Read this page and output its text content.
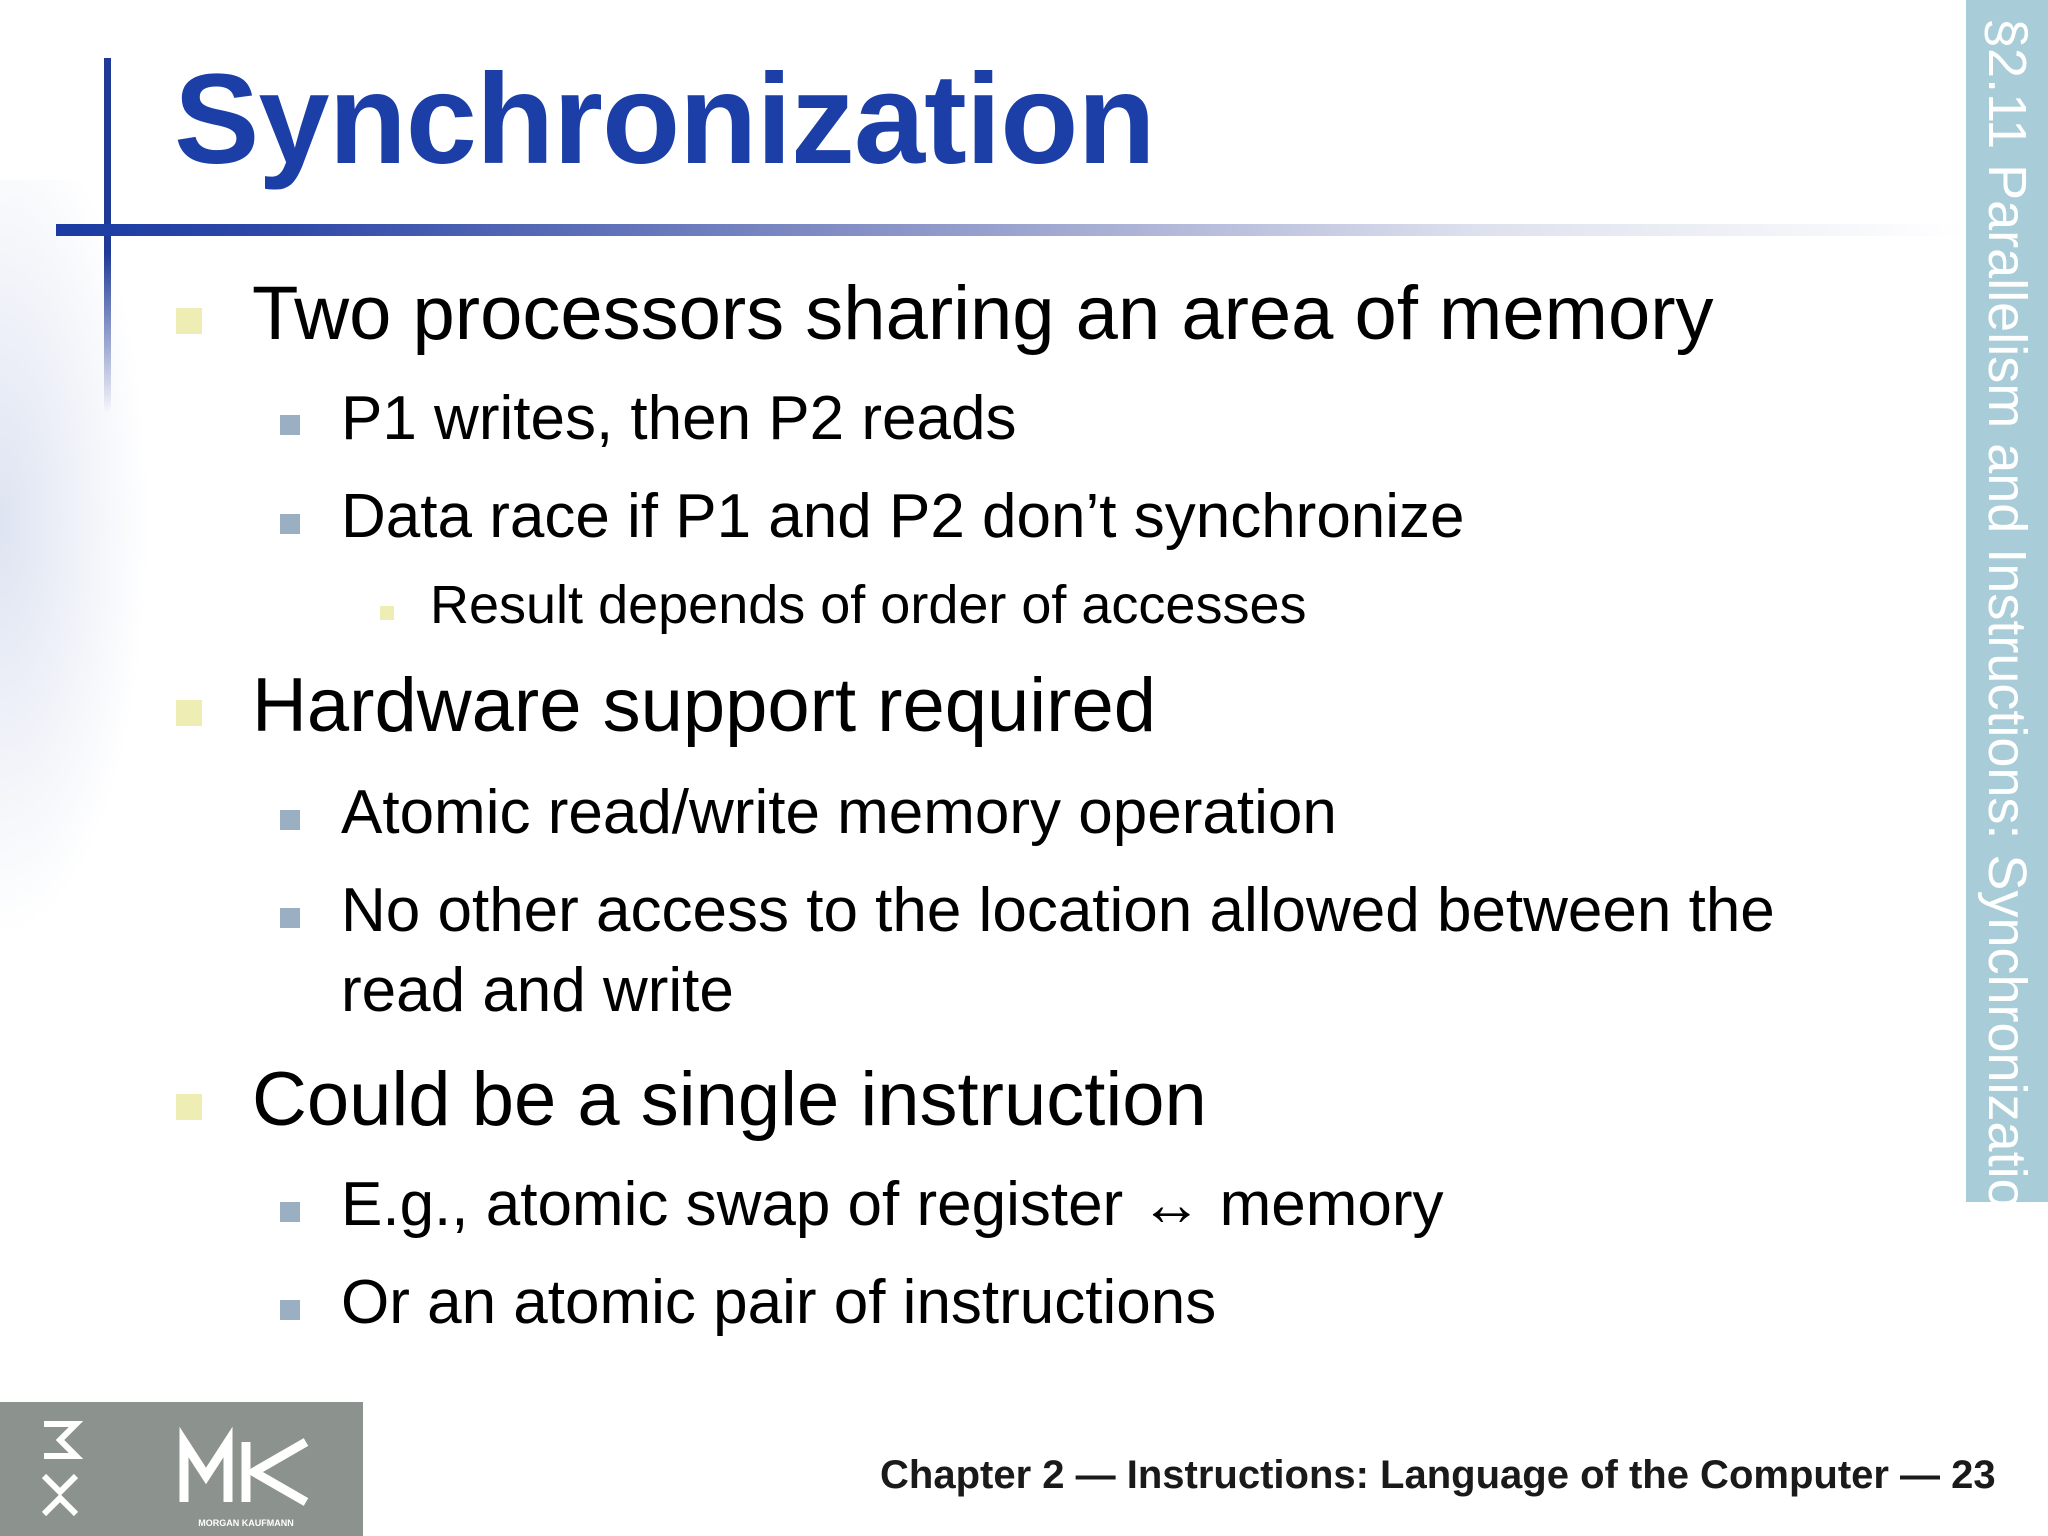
Synchronization	§2.11 Parallelism and Instructions: Synchronization
Two processors sharing an area of memory
P1 writes, then P2 reads
Data race if P1 and P2 don’t synchronize
Result depends of order of accesses
Hardware support required
Atomic read/write memory operation
No other access to the location allowed between the
read and write
Could be a single instruction
E.g., atomic swap of register ↔ memory
Or an atomic pair of instructions
MORGAN KAUFMANN
Chapter 2 — Instructions: Language of the Computer — 23
